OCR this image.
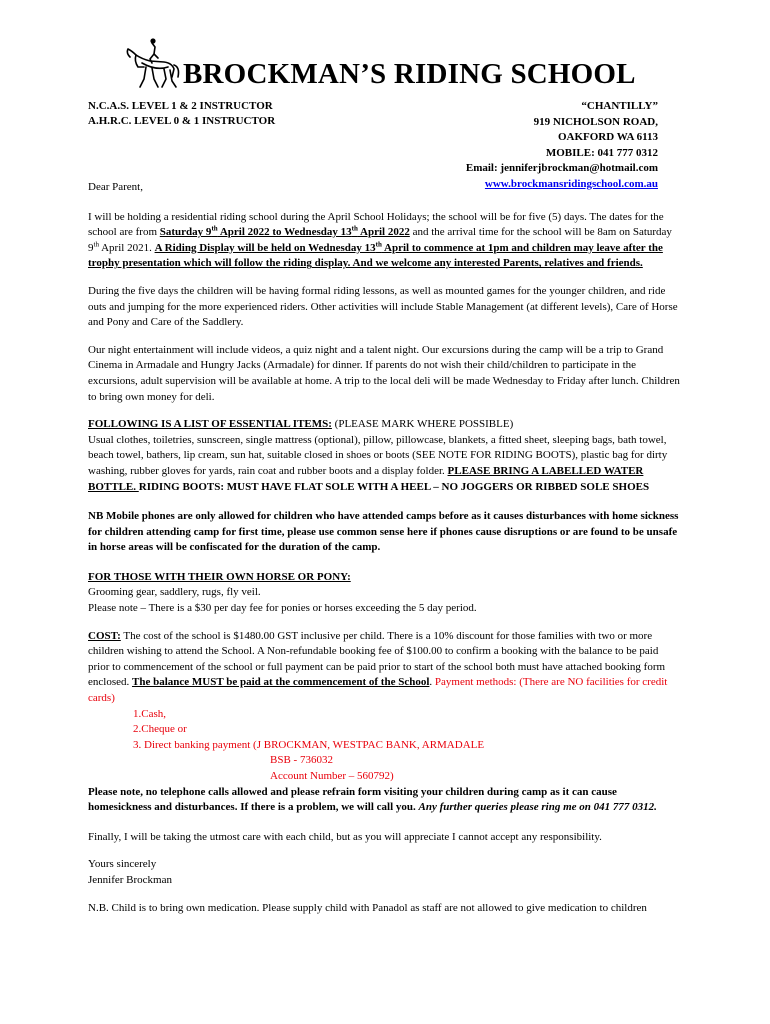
BROCKMAN’S RIDING SCHOOL
N.C.A.S. LEVEL 1 & 2 INSTRUCTOR
A.H.R.C. LEVEL 0 & 1 INSTRUCTOR
“CHANTILLY”
919 NICHOLSON ROAD,
OAKFORD WA 6113
MOBILE: 041 777 0312
Email: jenniferjbrockman@hotmail.com
www.brockmansridingschool.com.au

Dear Parent,

I will be holding a residential riding school during the April School Holidays; the school will be for five (5) days. The dates for the school are from Saturday 9th April 2022 to Wednesday 13th April 2022 and the arrival time for the school will be 8am on Saturday 9th April 2021. A Riding Display will be held on Wednesday 13th April to commence at 1pm and children may leave after the trophy presentation which will follow the riding display. And we welcome any interested Parents, relatives and friends.

During the five days the children will be having formal riding lessons, as well as mounted games for the younger children, and ride outs and jumping for the more experienced riders. Other activities will include Stable Management (at different levels), Care of Horse and Pony and Care of the Saddlery.

Our night entertainment will include videos, a quiz night and a talent night. Our excursions during the camp will be a trip to Grand Cinema in Armadale and Hungry Jacks (Armadale) for dinner. If parents do not wish their child/children to participate in the excursions, adult supervision will be available at home. A trip to the local deli will be made Wednesday to Friday after lunch. Children to bring own money for deli.

FOLLOWING IS A LIST OF ESSENTIAL ITEMS: (PLEASE MARK WHERE POSSIBLE)
Usual clothes, toiletries, sunscreen, single mattress (optional), pillow, pillowcase, blankets, a fitted sheet, sleeping bags, bath towel, beach towel, bathers, lip cream, sun hat, suitable closed in shoes or boots (SEE NOTE FOR RIDING BOOTS), plastic bag for dirty washing, rubber gloves for yards, rain coat and rubber boots and a display folder. PLEASE BRING A LABELLED WATER BOTTLE. RIDING BOOTS: MUST HAVE FLAT SOLE WITH A HEEL – NO JOGGERS OR RIBBED SOLE SHOES

NB Mobile phones are only allowed for children who have attended camps before as it causes disturbances with home sickness for children attending camp for first time, please use common sense here if phones cause disruptions or are found to be unsafe in horse areas will be confiscated for the duration of the camp.

FOR THOSE WITH THEIR OWN HORSE OR PONY:
Grooming gear, saddlery, rugs, fly veil.
Please note – There is a $30 per day fee for ponies or horses exceeding the 5 day period.

COST: The cost of the school is $1480.00 GST inclusive per child. There is a 10% discount for those families with two or more children wishing to attend the School. A Non-refundable booking fee of $100.00 to confirm a booking with the balance to be paid prior to commencement of the school or full payment can be paid prior to start of the school both must have attached booking form enclosed. The balance MUST be paid at the commencement of the School. Payment methods: (There are NO facilities for credit cards)

1.Cash,

2.Cheque or

3. Direct banking payment (J BROCKMAN, WESTPAC BANK, ARMADALE

BSB - 736032

Account Number – 560792)

Please note, no telephone calls allowed and please refrain form visiting your children during camp as it can cause homesickness and disturbances. If there is a problem, we will call you. Any further queries please ring me on 041 777 0312.

Finally, I will be taking the utmost care with each child, but as you will appreciate I cannot accept any responsibility.

Yours sincerely

Jennifer Brockman

N.B. Child is to bring own medication. Please supply child with Panadol as staff are not allowed to give medication to children
